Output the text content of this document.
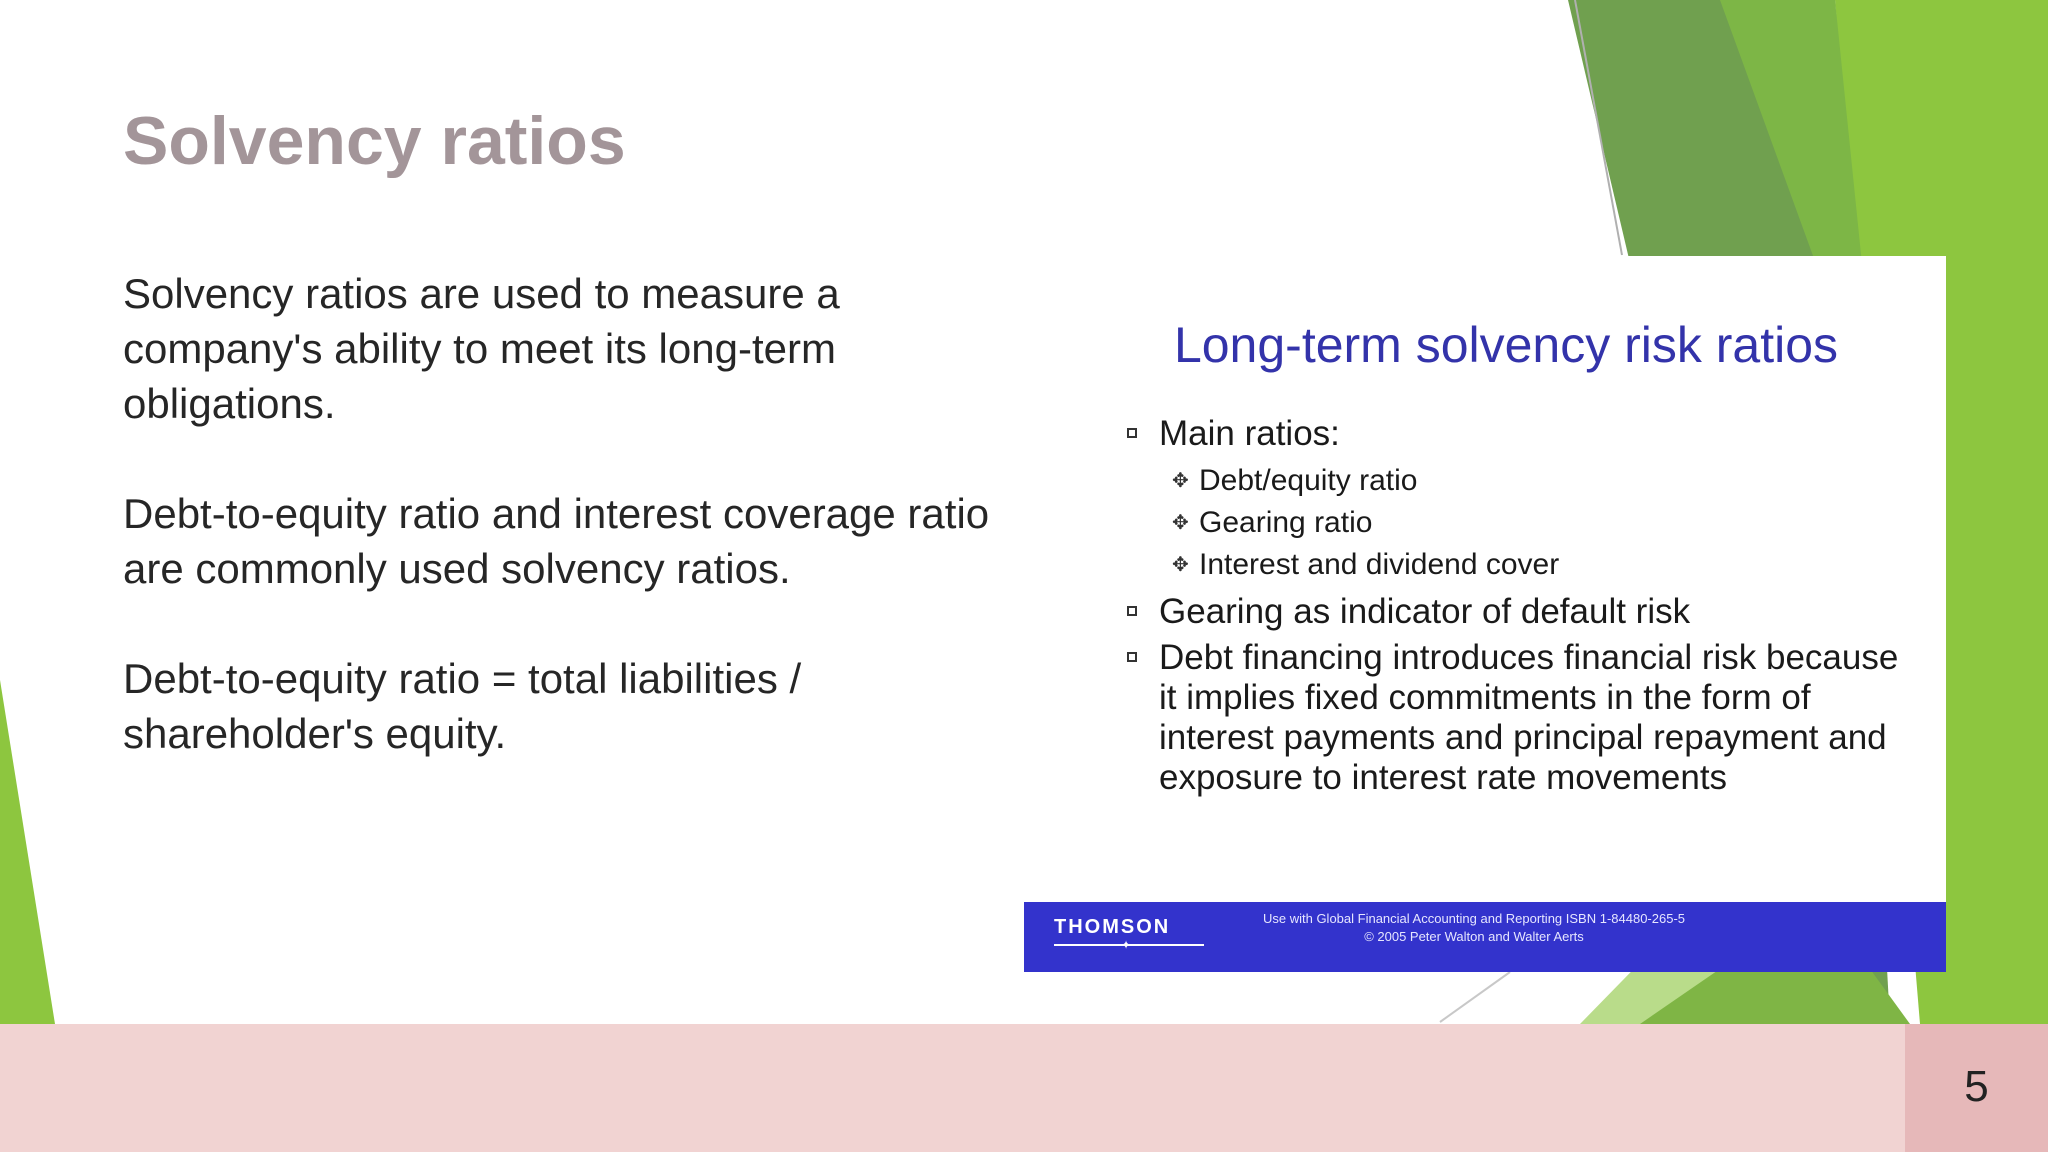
Solvency ratios

Solvency ratios are used to measure a company's ability to meet its long-term obligations.

Debt-to-equity ratio and interest coverage ratio are commonly used solvency ratios.

Debt-to-equity ratio = total liabilities / shareholder's equity.

Long-term solvency risk ratios
Main ratios:
✥ Debt/equity ratio
✥ Gearing ratio
✥ Interest and dividend cover
Gearing as indicator of default risk
Debt financing introduces financial risk because it implies fixed commitments in the form of interest payments and principal repayment and exposure to interest rate movements
THOMSON
✦
Use with Global Financial Accounting and Reporting ISBN 1-84480-265-5
© 2005 Peter Walton and Walter Aerts
5
